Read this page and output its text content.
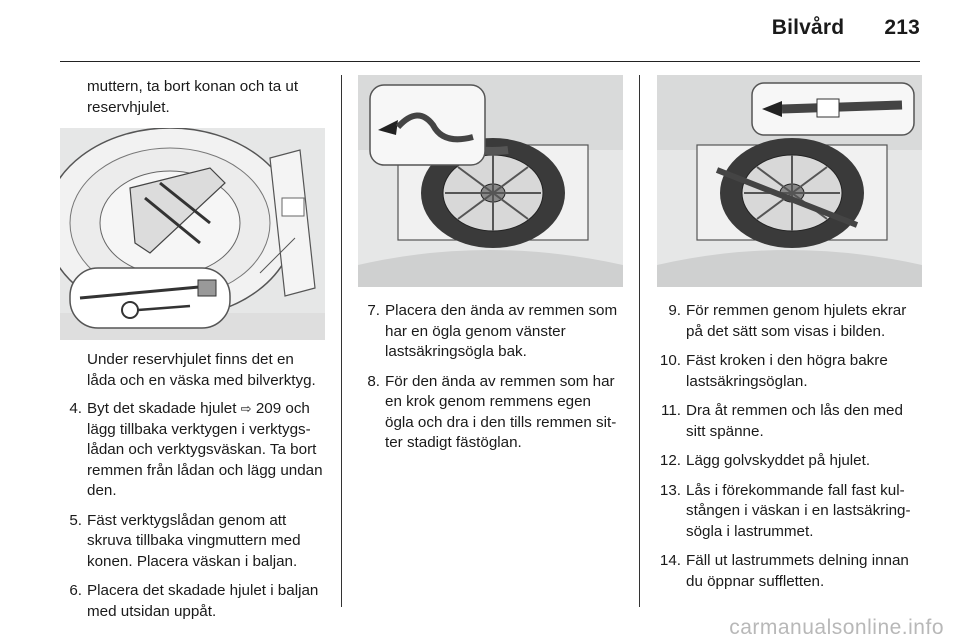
Bilvård 213

muttern, ta bort konan och ta ut reservhjulet.

Under reservhjulet finns det en låda och en väska med bilverktyg.

4. Byt det skadade hjulet ⇨ 209 och lägg tillbaka verktygen i verktygslådan och verktygsväskan. Ta bort remmen från lådan och lägg undan den.
5. Fäst verktygslådan genom att skruva tillbaka vingmuttern med konen. Placera väskan i baljan.
6. Placera det skadade hjulet i baljan med utsidan uppåt.
7. Placera den ända av remmen som har en ögla genom vänster lastsäkringsögla bak.
8. För den ända av remmen som har en krok genom remmens egen ögla och dra i den tills remmen sitter stadigt fästöglan.
9. För remmen genom hjulets ekrar på det sätt som visas i bilden.
10. Fäst kroken i den högra bakre lastsäkringsöglan.
11. Dra åt remmen och lås den med sitt spänne.
12. Lägg golvskyddet på hjulet.
13. Lås i förekommande fall fast kulstången i väskan i en lastsäkringsögla i lastrummet.
14. Fäll ut lastrummets delning innan du öppnar suffletten.
carmanualsonline.info
